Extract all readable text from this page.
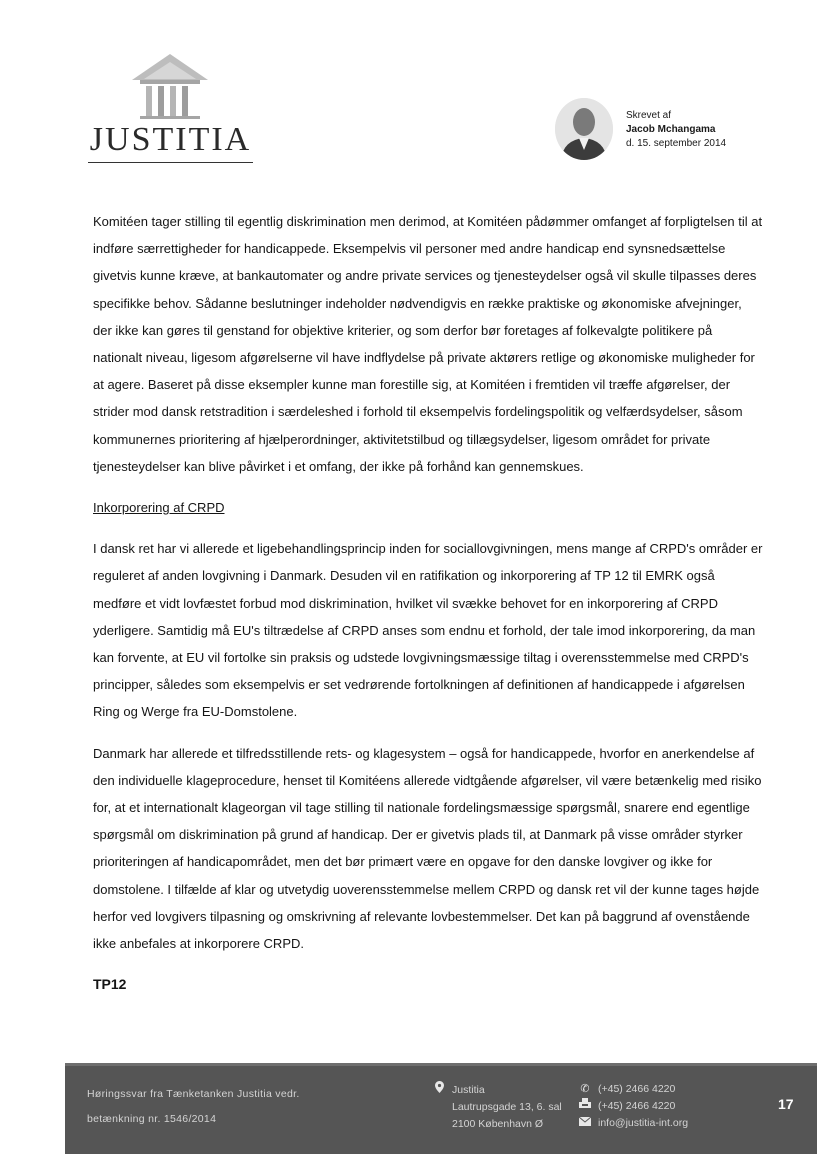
JUSTITIA
Skrevet af
Jacob Mchangama
d. 15. september 2014

Komitéen tager stilling til egentlig diskrimination men derimod, at Komitéen pådømmer omfanget af forpligtelsen til at indføre særrettigheder for handicappede. Eksempelvis vil personer med andre handicap end synsnedsættelse givetvis kunne kræve, at bankautomater og andre private services og tjenesteydelser også vil skulle tilpasses deres specifikke behov. Sådanne beslutninger indeholder nødvendigvis en række praktiske og økonomiske afvejninger, der ikke kan gøres til genstand for objektive kriterier, og som derfor bør foretages af folkevalgte politikere på nationalt niveau, ligesom afgørelserne vil have indflydelse på private aktørers retlige og økonomiske muligheder for at agere. Baseret på disse eksempler kunne man forestille sig, at Komitéen i fremtiden vil træffe afgørelser, der strider mod dansk retstradition i særdeleshed i forhold til eksempelvis fordelingspolitik og velfærdsydelser, såsom kommunernes prioritering af hjælperordninger, aktivitetstilbud og tillægsydelser, ligesom området for private tjenesteydelser kan blive påvirket i et omfang, der ikke på forhånd kan gennemskues.

Inkorporering af CRPD

I dansk ret har vi allerede et ligebehandlingsprincip inden for sociallovgivningen, mens mange af CRPD's områder er reguleret af anden lovgivning i Danmark. Desuden vil en ratifikation og inkorporering af TP 12 til EMRK også medføre et vidt lovfæstet forbud mod diskrimination, hvilket vil svække behovet for en inkorporering af CRPD yderligere. Samtidig må EU's tiltrædelse af CRPD anses som endnu et forhold, der tale imod inkorporering, da man kan forvente, at EU vil fortolke sin praksis og udstede lovgivningsmæssige tiltag i overensstemmelse med CRPD's principper, således som eksempelvis er set vedrørende fortolkningen af definitionen af handicappede i afgørelsen Ring og Werge fra EU-Domstolene.

Danmark har allerede et tilfredsstillende rets- og klagesystem – også for handicappede, hvorfor en anerkendelse af den individuelle klageprocedure, henset til Komitéens allerede vidtgående afgørelser, vil være betænkelig med risiko for, at et internationalt klageorgan vil tage stilling til nationale fordelingsmæssige spørgsmål, snarere end egentlige spørgsmål om diskrimination på grund af handicap. Der er givetvis plads til, at Danmark på visse områder styrker prioriteringen af handicapområdet, men det bør primært være en opgave for den danske lovgiver og ikke for domstolene. I tilfælde af klar og utvetydig uoverensstemmelse mellem CRPD og dansk ret vil der kunne tages højde herfor ved lovgivers tilpasning og omskrivning af relevante lovbestemmelser. Det kan på baggrund af ovenstående ikke anbefales at inkorporere CRPD.

TP12
Høringssvar fra Tænketanken Justitia vedr.
betænkning nr. 1546/2014
Justitia
Lautrupsgade 13, 6. sal
2100 København Ø
✆ (+45) 2466 4220
(+45) 2466 4220
info@justitia-int.org
17
